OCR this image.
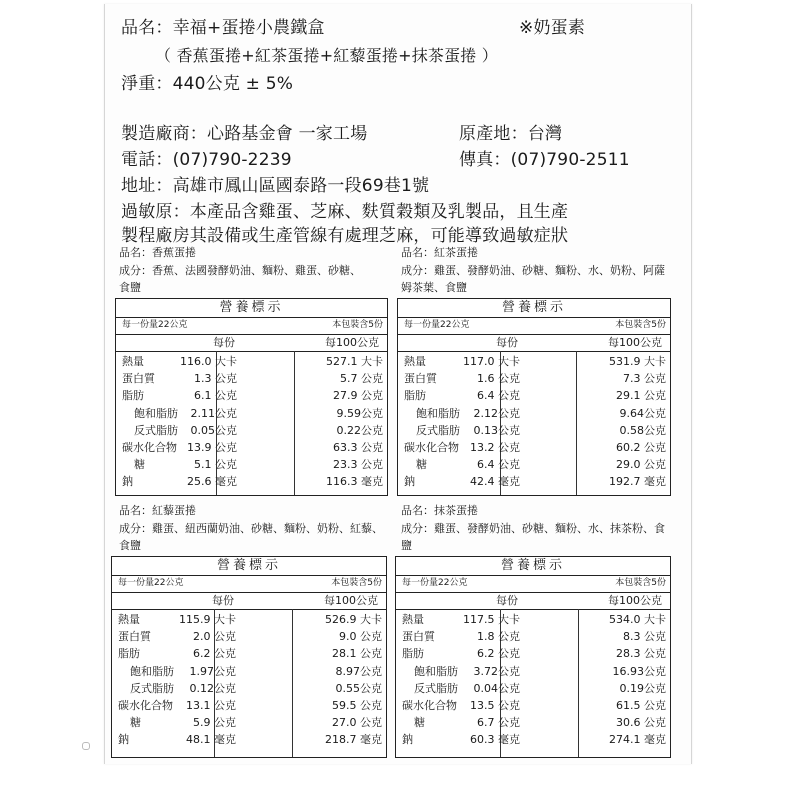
品名：幸福+蛋捲小農鐵盒	※奶蛋素
（ 香蕉蛋捲+紅茶蛋捲+紅藜蛋捲+抹茶蛋捲 ）
淨重：440公克 ± 5%
製造廠商：心路基金會 一家工場	原產地：台灣
電話：(07)790-2239	傳真：(07)790-2511
地址：高雄市鳳山區國泰路一段69巷1號
過敏原：本產品含雞蛋、芝麻、麩質穀類及乳製品，且生產
製程廠房其設備或生產管線有處理芝麻，可能導致過敏症狀
品名：香蕉蛋捲
成分：香蕉、法國發酵奶油、麵粉、雞蛋、砂糖、食鹽
品名：紅茶蛋捲
成分：雞蛋、發酵奶油、砂糖、麵粉、水、奶粉、阿薩姆茶葉、食鹽
營養標示
每一份量22公克	本包裝含5份
每份	每100公克
熱量	116.0 大卡	527.1 大卡
蛋白質	1.3 公克	5.7 公克
脂肪	6.1 公克	27.9 公克
飽和脂肪 2.11公克	9.59公克
反式脂肪 0.05公克	0.22公克
碳水化合物 13.9 公克	63.3 公克
糖	5.1 公克	23.3 公克
鈉	25.6 毫克	116.3 毫克
營養標示
每一份量22公克	本包裝含5份
每份	每100公克
熱量	117.0 大卡	531.9 大卡
蛋白質	1.6 公克	7.3 公克
脂肪	6.4 公克	29.1 公克
飽和脂肪 2.12公克	9.64公克
反式脂肪 0.13公克	0.58公克
碳水化合物 13.2 公克	60.2 公克
糖	6.4 公克	29.0 公克
鈉	42.4 毫克	192.7 毫克
品名：紅藜蛋捲
成分：雞蛋、紐西蘭奶油、砂糖、麵粉、奶粉、紅藜、食鹽
品名：抹茶蛋捲
成分：雞蛋、發酵奶油、砂糖、麵粉、水、抹茶粉、食鹽
營養標示
每一份量22公克	本包裝含5份
每份	每100公克
熱量	115.9 大卡	526.9 大卡
蛋白質	2.0 公克	9.0 公克
脂肪	6.2 公克	28.1 公克
飽和脂肪 1.97公克	8.97公克
反式脂肪 0.12公克	0.55公克
碳水化合物 13.1 公克	59.5 公克
糖	5.9 公克	27.0 公克
鈉	48.1 毫克	218.7 毫克
營養標示
每一份量22公克	本包裝含5份
每份	每100公克
熱量	117.5 大卡	534.0 大卡
蛋白質	1.8 公克	8.3 公克
脂肪	6.2 公克	28.3 公克
飽和脂肪 3.72公克	16.93公克
反式脂肪 0.04公克	0.19公克
碳水化合物 13.5 公克	61.5 公克
糖	6.7 公克	30.6 公克
鈉	60.3 毫克	274.1 毫克
